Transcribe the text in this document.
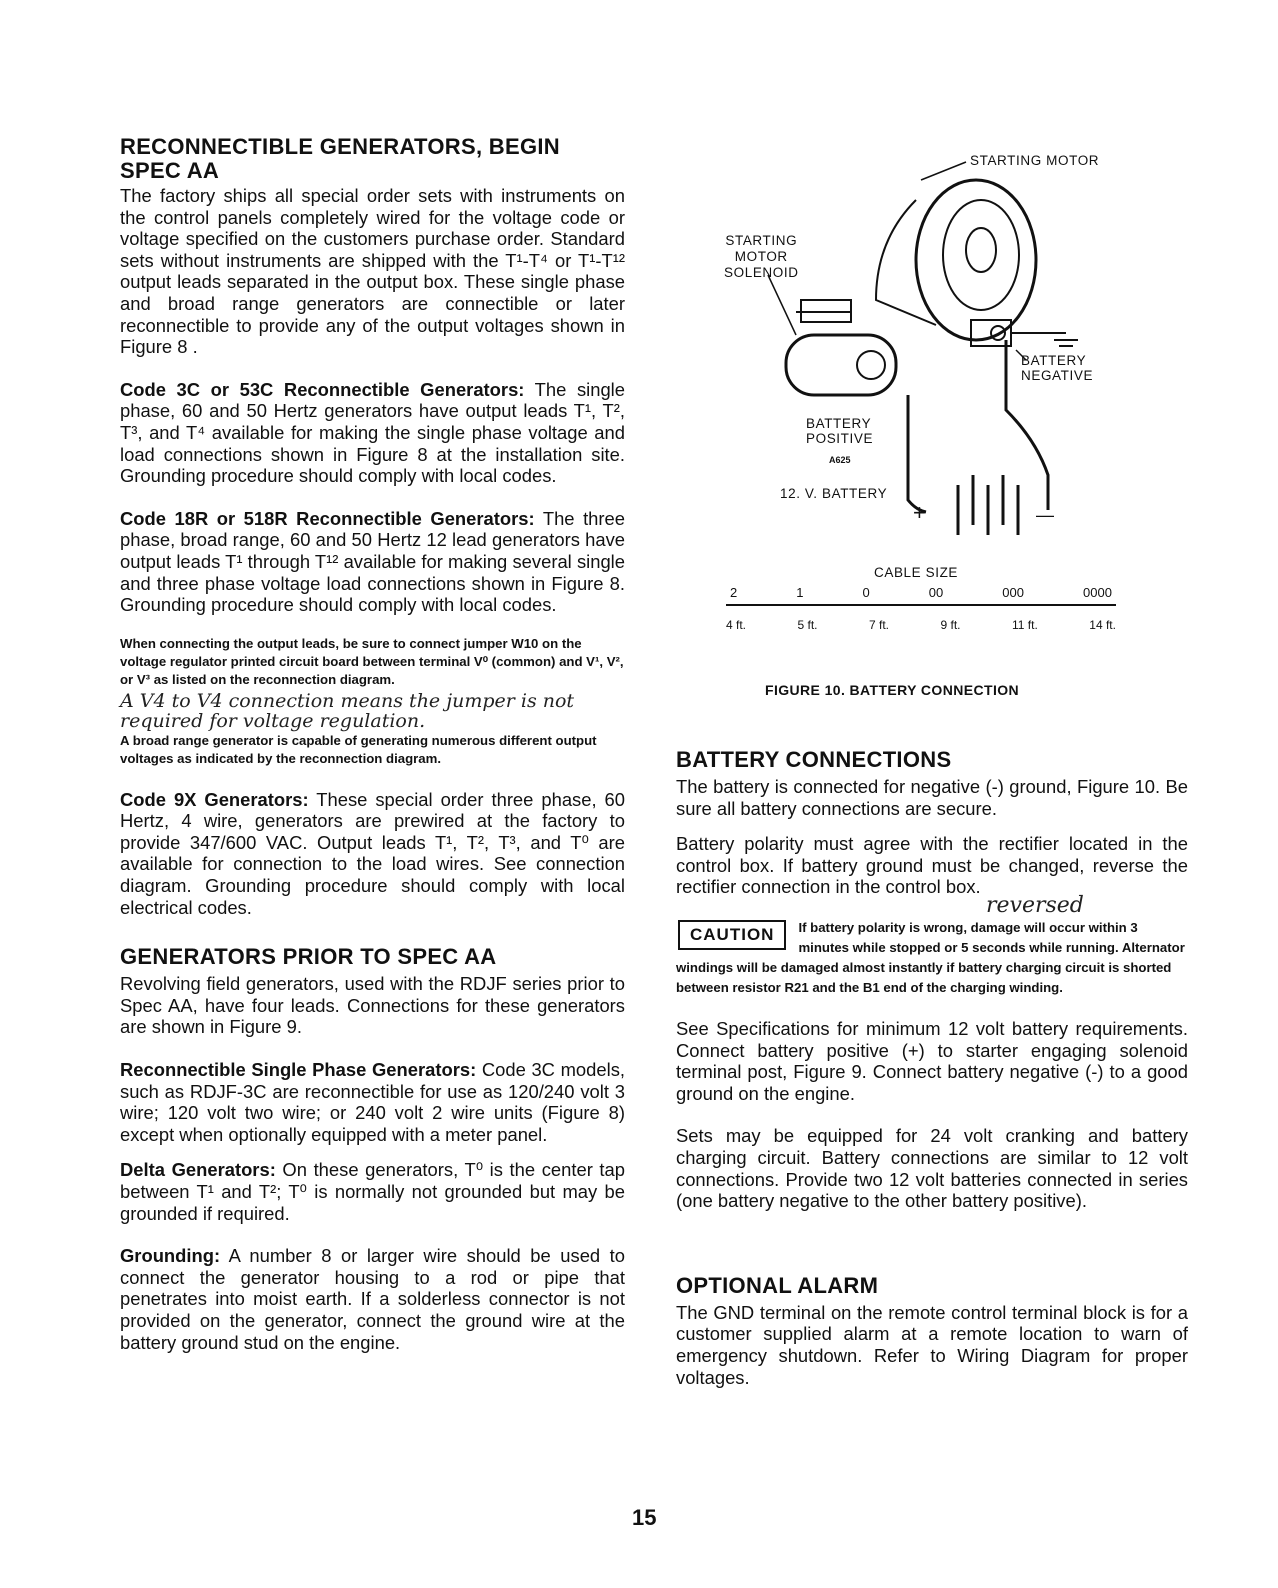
RECONNECTIBLE GENERATORS, BEGIN SPEC AA

The factory ships all special order sets with instruments on the control panels completely wired for the voltage code or voltage specified on the customers purchase order. Standard sets without instruments are shipped with the T¹-T⁴ or T¹-T¹² output leads separated in the output box. These single phase and broad range generators are connectible or later reconnectible to provide any of the output voltages shown in Figure 8 .

Code 3C or 53C Reconnectible Generators: The single phase, 60 and 50 Hertz generators have output leads T¹, T², T³, and T⁴ available for making the single phase voltage and load connections shown in Figure 8 at the installation site. Grounding procedure should comply with local codes.

Code 18R or 518R Reconnectible Generators: The three phase, broad range, 60 and 50 Hertz 12 lead generators have output leads T¹ through T¹² available for making several single and three phase voltage load connections shown in Figure 8. Grounding procedure should comply with local codes.

When connecting the output leads, be sure to connect jumper W10 on the voltage regulator printed circuit board between terminal V⁰ (common) and V¹, V², or V³ as listed on the reconnection diagram.

A V4 to V4 connection means the jumper is not required for voltage regulation.

A broad range generator is capable of generating numerous different output voltages as indicated by the reconnection diagram.

Code 9X Generators: These special order three phase, 60 Hertz, 4 wire, generators are prewired at the factory to provide 347/600 VAC. Output leads T¹, T², T³, and T⁰ are available for connection to the load wires. See connection diagram. Grounding procedure should comply with local electrical codes.

GENERATORS PRIOR TO SPEC AA

Revolving field generators, used with the RDJF series prior to Spec AA, have four leads. Connections for these generators are shown in Figure 9.

Reconnectible Single Phase Generators: Code 3C models, such as RDJF-3C are reconnectible for use as 120/240 volt 3 wire; 120 volt two wire; or 240 volt 2 wire units (Figure 8) except when optionally equipped with a meter panel.

Delta Generators: On these generators, T⁰ is the center tap between T¹ and T²; T⁰ is normally not grounded but may be grounded if required.

Grounding: A number 8 or larger wire should be used to connect the generator housing to a rod or pipe that penetrates into moist earth. If a solderless connector is not provided on the generator, connect the ground wire at the battery ground stud on the engine.

STARTING MOTOR
STARTING
MOTOR
SOLENOID
BATTERY
NEGATIVE
BATTERY
POSITIVE
A625
12. V. BATTERY
+	—
CABLE SIZE
2	1	0	00	000	0000
4 ft.	5 ft.	7 ft.	9 ft.	11 ft.	14 ft.
FIGURE 10. BATTERY CONNECTION
BATTERY CONNECTIONS

The battery is connected for negative (-) ground, Figure 10. Be sure all battery connections are secure.

Battery polarity must agree with the rectifier located in the control box. If battery ground must be changed, reverse the rectifier connection in the control box.

reversed
CAUTION	If battery polarity is wrong, damage will occur within 3 minutes while stopped or 5 seconds while running. Alternator windings will be damaged almost instantly if battery charging circuit is shorted between resistor R21 and the B1 end of the charging winding.

See Specifications for minimum 12 volt battery requirements. Connect battery positive (+) to starter engaging solenoid terminal post, Figure 9. Connect battery negative (-) to a good ground on the engine.

Sets may be equipped for 24 volt cranking and battery charging circuit. Battery connections are similar to 12 volt connections. Provide two 12 volt batteries connected in series (one battery negative to the other battery positive).

OPTIONAL ALARM

The GND terminal on the remote control terminal block is for a customer supplied alarm at a remote location to warn of emergency shutdown. Refer to Wiring Diagram for proper voltages.

15
